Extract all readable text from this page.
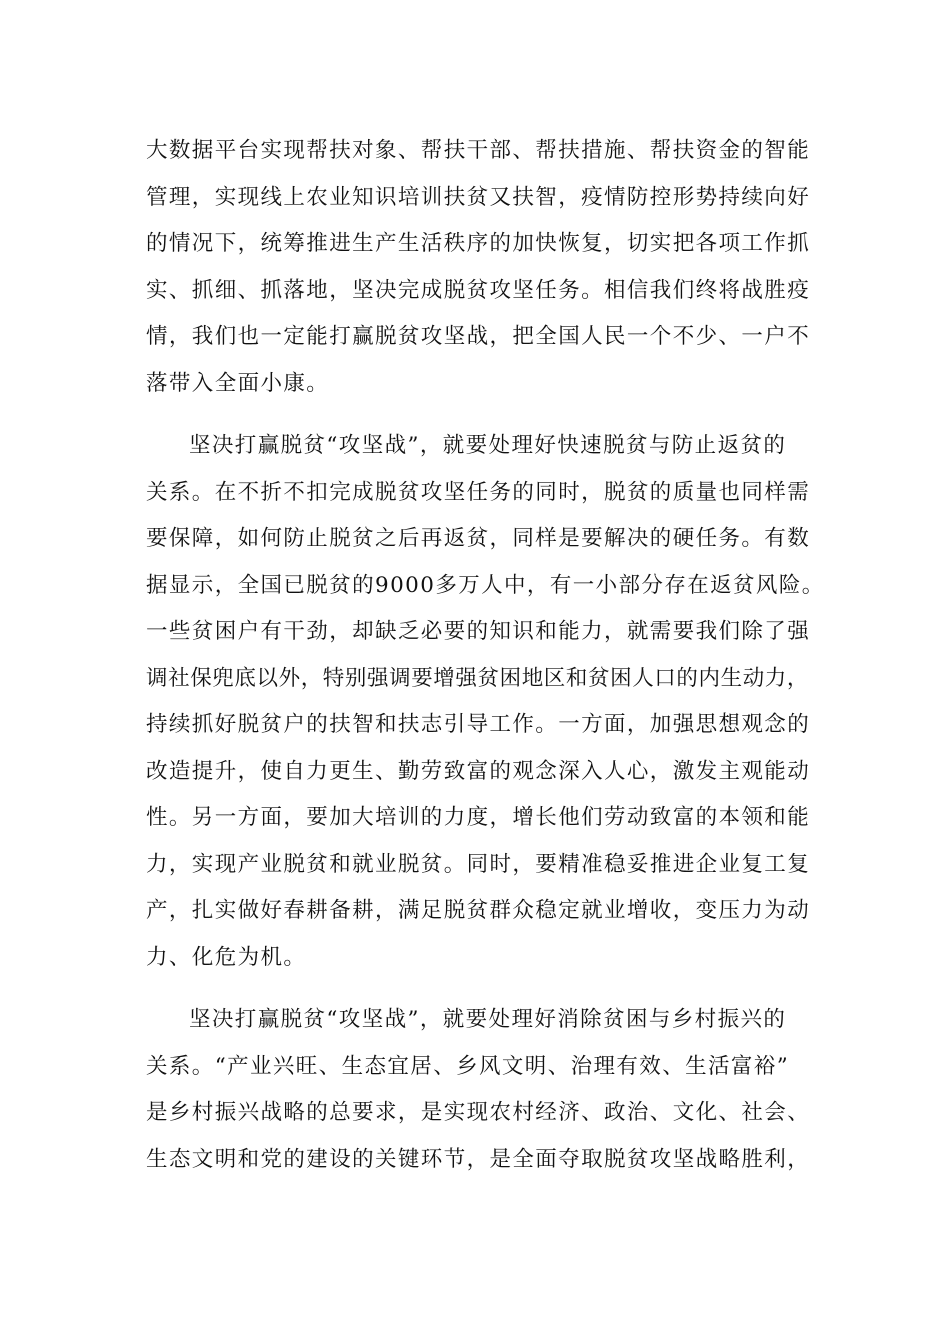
大数据平台实现帮扶对象、帮扶干部、帮扶措施、帮扶资金的智能
管理，实现线上农业知识培训扶贫又扶智，疫情防控形势持续向好
的情况下，统筹推进生产生活秩序的加快恢复，切实把各项工作抓
实、抓细、抓落地，坚决完成脱贫攻坚任务。相信我们终将战胜疫
情，我们也一定能打赢脱贫攻坚战，把全国人民一个不少、一户不
落带入全面小康。
坚决打赢脱贫“攻坚战”，就要处理好快速脱贫与防止返贫的
关系。在不折不扣完成脱贫攻坚任务的同时，脱贫的质量也同样需
要保障，如何防止脱贫之后再返贫，同样是要解决的硬任务。有数
据显示，全国已脱贫的9000多万人中，有一小部分存在返贫风险。
一些贫困户有干劲，却缺乏必要的知识和能力，就需要我们除了强
调社保兜底以外，特别强调要增强贫困地区和贫困人口的内生动力，
持续抓好脱贫户的扶智和扶志引导工作。一方面，加强思想观念的
改造提升，使自力更生、勤劳致富的观念深入人心，激发主观能动
性。另一方面，要加大培训的力度，增长他们劳动致富的本领和能
力，实现产业脱贫和就业脱贫。同时，要精准稳妥推进企业复工复
产，扎实做好春耕备耕，满足脱贫群众稳定就业增收，变压力为动
力、化危为机。
坚决打赢脱贫“攻坚战”，就要处理好消除贫困与乡村振兴的
关系。“产业兴旺、生态宜居、乡风文明、治理有效、生活富裕”
是乡村振兴战略的总要求，是实现农村经济、政治、文化、社会、
生态文明和党的建设的关键环节，是全面夺取脱贫攻坚战略胜利，
